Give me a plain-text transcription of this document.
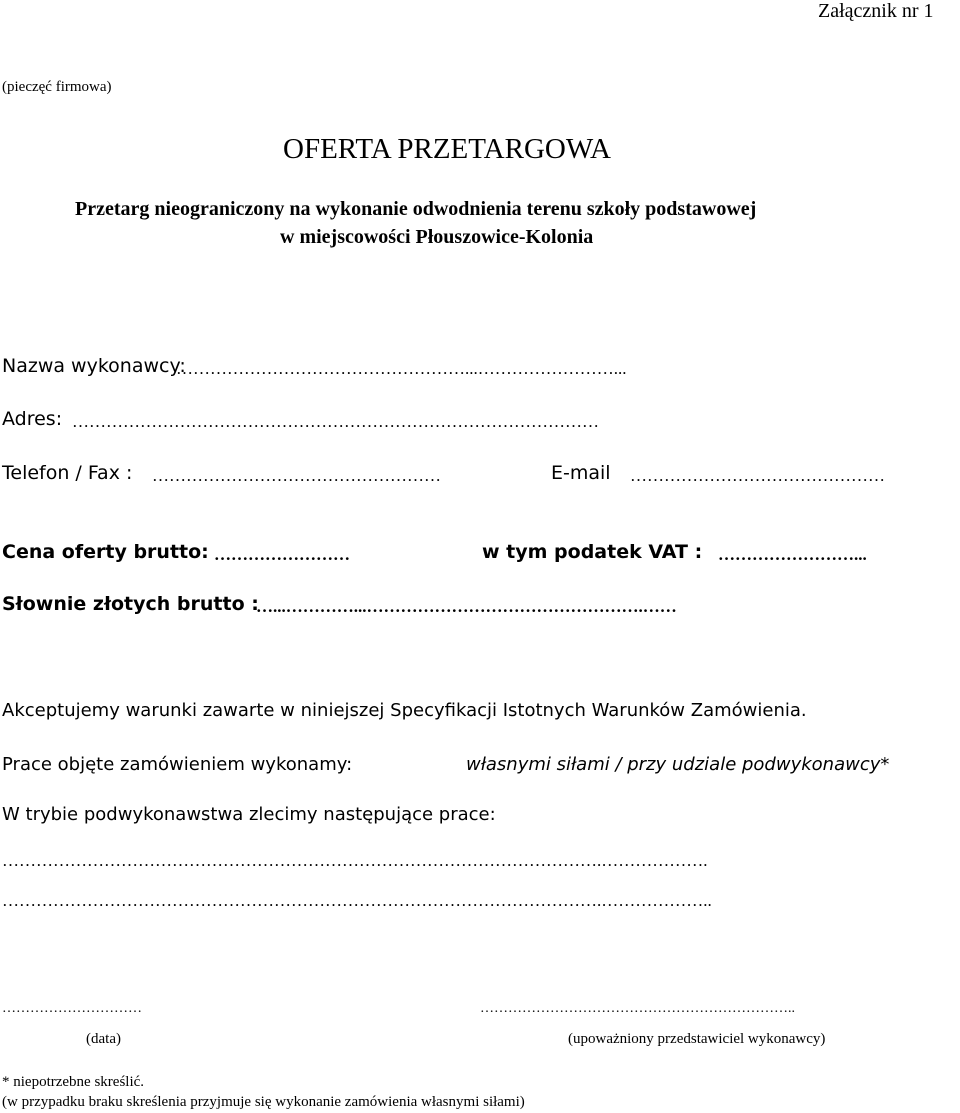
Załącznik nr 1
(pieczęć firmowa)
OFERTA PRZETARGOWA
Przetarg nieograniczony na wykonanie odwodnienia terenu szkoły podstawowej
w miejscowości Płouszowice-Kolonia
Nazwa wykonawcy:
……………………………………………...……………………...
Adres: …………………………………………………………………………………
Telefon / Fax : ……………………………………………	E-mail ………………………………………
Cena oferty brutto: ……………………	w tym podatek VAT : ……………………...
Słownie złotych brutto :
…...…………...………………………………………….……
Akceptujemy warunki zawarte w niniejszej Specyfikacji Istotnych Warunków Zamówienia.
Prace objęte zamówieniem wykonamy:	własnymi siłami / przy udziale podwykonawcy*
W trybie podwykonawstwa zlecimy następujące prace:
…………………………………………………………………………………………….……………….
…………………………………………………………………………………………….………………..
…………………………
(data)
…………………………………………………………..
(upoważniony przedstawiciel wykonawcy)
* niepotrzebne skreślić.
(w przypadku braku skreślenia przyjmuje się wykonanie zamówienia własnymi siłami)
